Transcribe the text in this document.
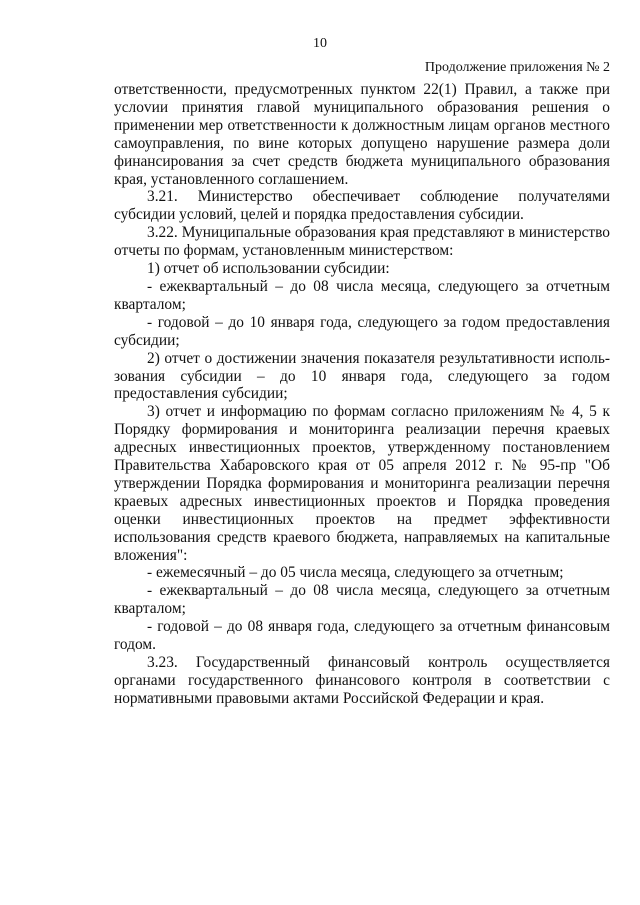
10
Продолжение приложения № 2

ответственности, предусмотренных пунктом 22(1) Правил, а также при услоvии принятия главой муниципального образования решения о применении мер ответственности к должностным лицам органов местного самоуправления, по вине которых допущено нарушение размера доли финансирования за счет средств бюджета муниципального образования края, установленного соглашением.

3.21. Министерство обеспечивает соблюдение получателями субсидии условий, целей и порядка предоставления субсидии.

3.22. Муниципальные образования края представляют в министерство отчеты по формам, установленным министерством:

1) отчет об использовании субсидии:

- ежеквартальный – до 08 числа месяца, следующего за отчетным кварталом;

- годовой – до 10 января года, следующего за годом предоставления субсидии;

2) отчет о достижении значения показателя результативности использования субсидии – до 10 января года, следующего за годом предоставления субсидии;

3) отчет и информацию по формам согласно приложениям № 4, 5 к Порядку формирования и мониторинга реализации перечня краевых адресных инвестиционных проектов, утвержденному постановлением Правительства Хабаровского края от 05 апреля 2012 г. № 95-пр "Об утверждении Порядка формирования и мониторинга реализации перечня краевых адресных инвестиционных проектов и Порядка проведения оценки инвестиционных проектов на предмет эффективности использования средств краевого бюджета, направляемых на капитальные вложения":

- ежемесячный – до 05 числа месяца, следующего за отчетным;

- ежеквартальный – до 08 числа месяца, следующего за отчетным кварталом;

- годовой – до 08 января года, следующего за отчетным финансовым годом.

3.23. Государственный финансовый контроль осуществляется органами государственного финансового контроля в соответствии с нормативными правовыми актами Российской Федерации и края.
